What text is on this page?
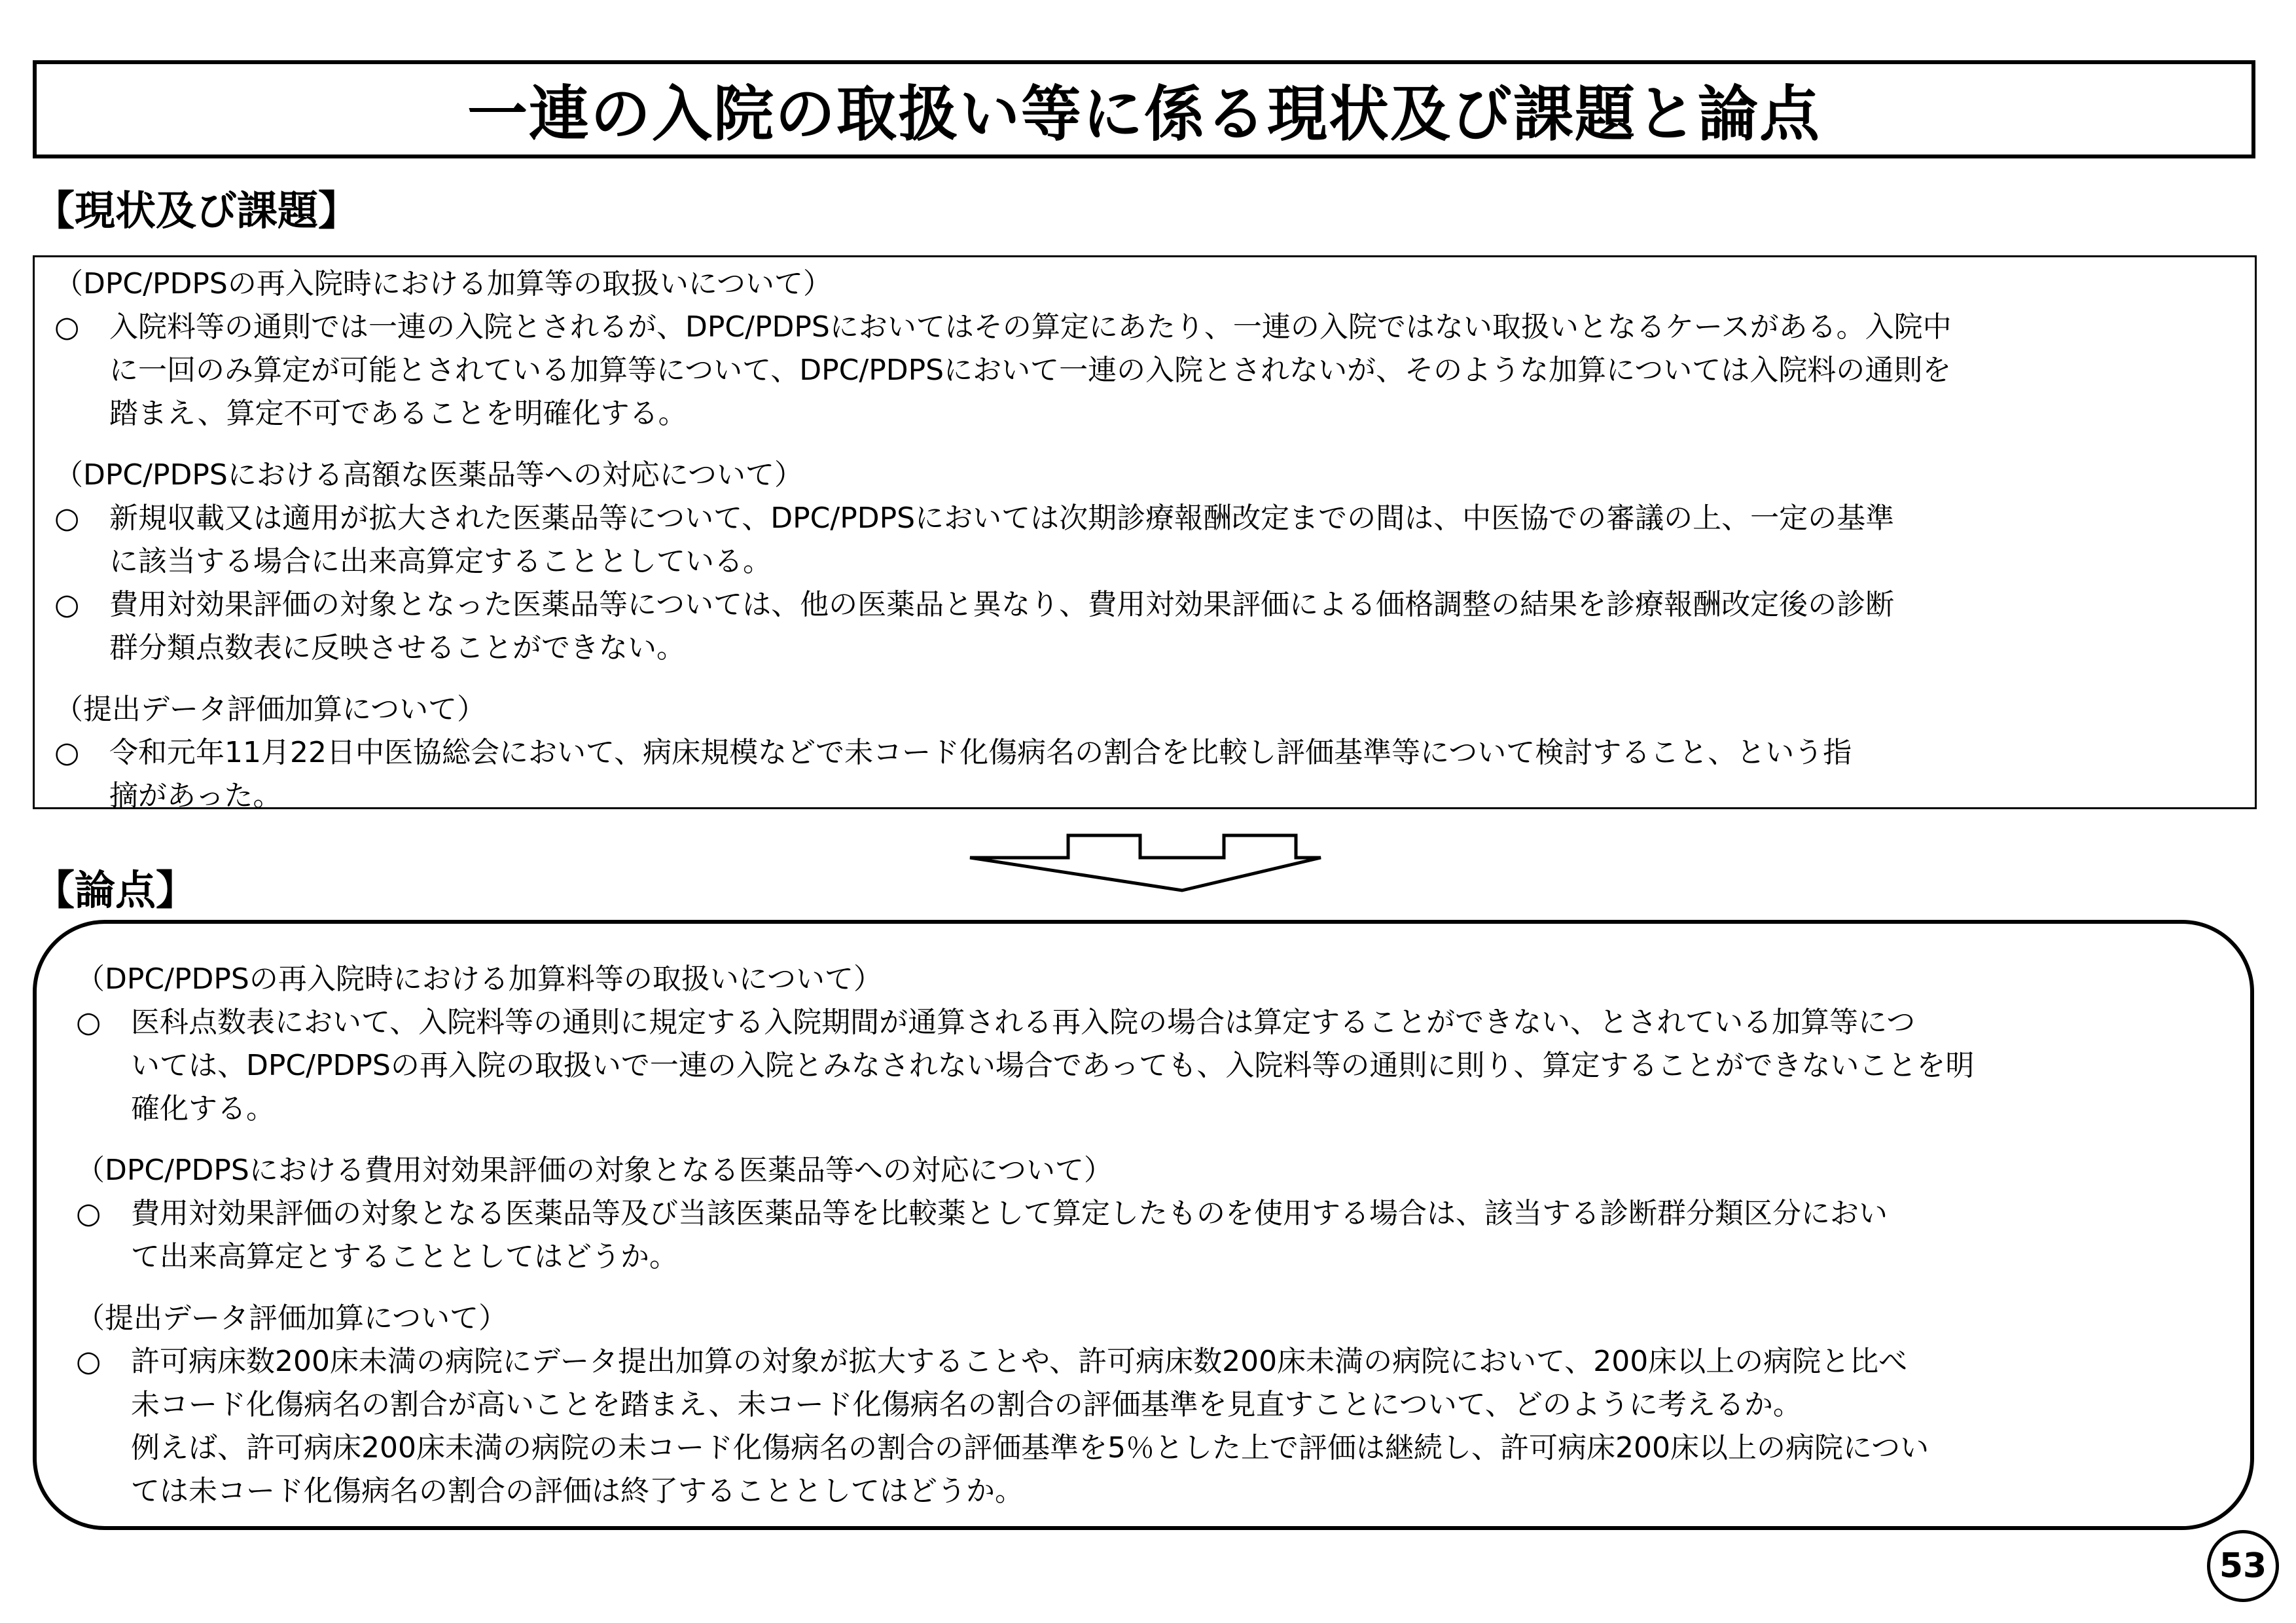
一連の入院の取扱い等に係る現状及び課題と論点
【現状及び課題】
（DPC/PDPSの再入院時における加算等の取扱いについて）
○	入院料等の通則では一連の入院とされるが、DPC/PDPSにおいてはその算定にあたり、一連の入院ではない取扱いとなるケースがある。入院中
に一回のみ算定が可能とされている加算等について、DPC/PDPSにおいて一連の入院とされないが、そのような加算については入院料の通則を
踏まえ、算定不可であることを明確化する。
（DPC/PDPSにおける高額な医薬品等への対応について）
○	新規収載又は適用が拡大された医薬品等について、DPC/PDPSにおいては次期診療報酬改定までの間は、中医協での審議の上、一定の基準
に該当する場合に出来高算定することとしている。
○	費用対効果評価の対象となった医薬品等については、他の医薬品と異なり、費用対効果評価による価格調整の結果を診療報酬改定後の診断
群分類点数表に反映させることができない。
（提出データ評価加算について）
○	令和元年11月22日中医協総会において、病床規模などで未コード化傷病名の割合を比較し評価基準等について検討すること、という指
摘があった。
【論点】
（DPC/PDPSの再入院時における加算料等の取扱いについて）
○	医科点数表において、入院料等の通則に規定する入院期間が通算される再入院の場合は算定することができない、とされている加算等につ
いては、DPC/PDPSの再入院の取扱いで一連の入院とみなされない場合であっても、入院料等の通則に則り、算定することができないことを明
確化する。
（DPC/PDPSにおける費用対効果評価の対象となる医薬品等への対応について）
○	費用対効果評価の対象となる医薬品等及び当該医薬品等を比較薬として算定したものを使用する場合は、該当する診断群分類区分におい
て出来高算定とすることとしてはどうか。
（提出データ評価加算について）
○	許可病床数200床未満の病院にデータ提出加算の対象が拡大することや、許可病床数200床未満の病院において、200床以上の病院と比べ
未コード化傷病名の割合が高いことを踏まえ、未コード化傷病名の割合の評価基準を見直すことについて、どのように考えるか。
例えば、許可病床200床未満の病院の未コード化傷病名の割合の評価基準を5％とした上で評価は継続し、許可病床200床以上の病院につい
ては未コード化傷病名の割合の評価は終了することとしてはどうか。
53
